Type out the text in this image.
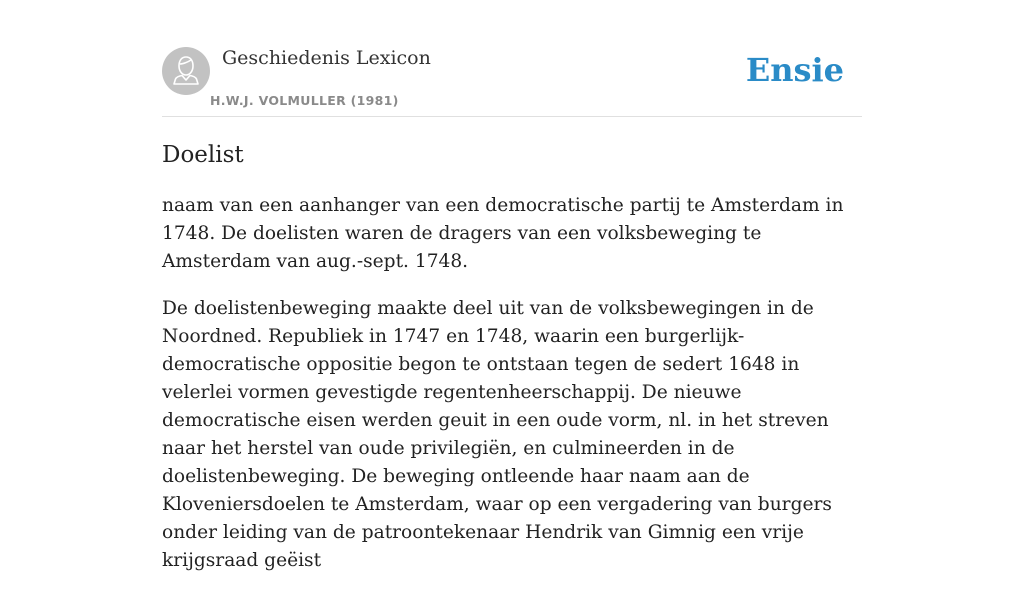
Geschiedenis Lexicon
H.W.J. VOLMULLER (1981)
Ensie
Doelist

naam van een aanhanger van een democratische partij te Amsterdam in 1748. De doelisten waren de dragers van een volksbeweging te Amsterdam van aug.-sept. 1748.

De doelistenbeweging maakte deel uit van de volksbewegingen in de Noordned. Republiek in 1747 en 1748, waarin een burgerlijk-democratische oppositie begon te ontstaan tegen de sedert 1648 in velerlei vormen gevestigde regentenheerschappij. De nieuwe democratische eisen werden geuit in een oude vorm, nl. in het streven naar het herstel van oude privilegiën, en culmineerden in de doelistenbeweging. De beweging ontleende haar naam aan de Kloveniersdoelen te Amsterdam, waar op een vergadering van burgers onder leiding van de patroontekenaar Hendrik van Gimnig een vrije krijgsraad geëist
